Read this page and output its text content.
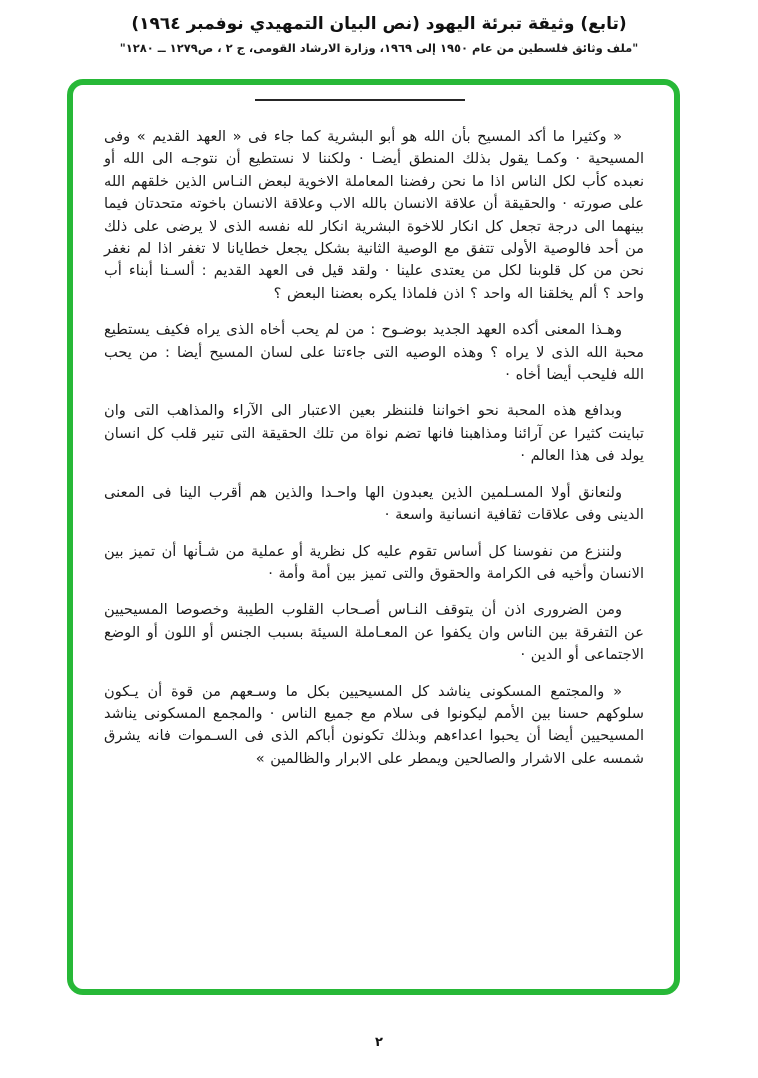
(تابع) وثيقة تبرئة اليهود (نص البيان التمهيدي نوفمبر ١٩٦٤)
"ملف وثائق فلسطين من عام ١٩٥٠ إلى ١٩٦٩، وزارة الارشاد القومى، ج ٢ ، ص١٢٧٩ ــ ١٢٨٠"

« وكثيرا ما أكد المسيح بأن الله هو أبو البشرية كما جاء فى « العهد القديم » وفى المسيحية · وكمـا يقول بذلك المنطق أيضـا · ولكننا لا نستطيع أن نتوجـه الى الله أو نعبده كأب لكل الناس اذا ما نحن رفضنا المعاملة الاخوية لبعض النـاس الذين خلقهم الله على صورته · والحقيقة أن علاقة الانسان بالله الاب وعلاقة الانسان باخوته متحدتان فيما بينهما الى درجة تجعل كل انكار للاخوة البشرية انكار لله نفسه الذى لا يرضى على ذلك من أحد فالوصية الأولى تتفق مع الوصية الثانية بشكل يجعل خطايانا لا تغفر اذا لم نغفر نحن من كل قلوبنا لكل من يعتدى علينا · ولقد قيل فى العهد القديم : ألسـنا أبناء أب واحد ؟ ألم يخلقنا اله واحد ؟ اذن فلماذا يكره بعضنا البعض ؟

وهـذا المعنى أكده العهد الجديد بوضـوح : من لم يحب أخاه الذى يراه فكيف يستطيع محبة الله الذى لا يراه ؟ وهذه الوصيه التى جاءتنا على لسان المسيح أيضا : من يحب الله فليحب أيضا أخاه ·

وبدافع هذه المحبة نحو اخواننا فلننظر بعين الاعتبار الى الآراء والمذاهب التى وان تباينت كثيرا عن آرائنا ومذاهبنا فانها تضم نواة من تلك الحقيقة التى تنير قلب كل انسان يولد فى هذا العالم ·

ولنعانق أولا المسـلمين الذين يعبدون الها واحـدا والذين هم أقرب الينا فى المعنى الدينى وفى علاقات ثقافية انسانية واسعة ·

ولننزع من نفوسنا كل أساس تقوم عليه كل نظرية أو عملية من شـأنها أن تميز بين الانسان وأخيه فى الكرامة والحقوق والتى تميز بين أمة وأمة ·

ومن الضرورى اذن أن يتوقف النـاس أصـحاب القلوب الطيبة وخصوصا المسيحيين عن التفرقة بين الناس وان يكفوا عن المعـاملة السيئة بسبب الجنس أو اللون أو الوضع الاجتماعى أو الدين ·

« والمجتمع المسكونى يناشد كل المسيحيين بكل ما وسـعهم من قوة أن يـكون سلوكهم حسنا بين الأمم ليكونوا فى سلام مع جميع الناس · والمجمع المسكونى يناشد المسيحيين أيضا أن يحبوا اعداءهم وبذلك تكونون أباكم الذى فى السـموات فانه يشرق شمسه على الاشرار والصالحين ويمطر على الابرار والظالمين »

٢
